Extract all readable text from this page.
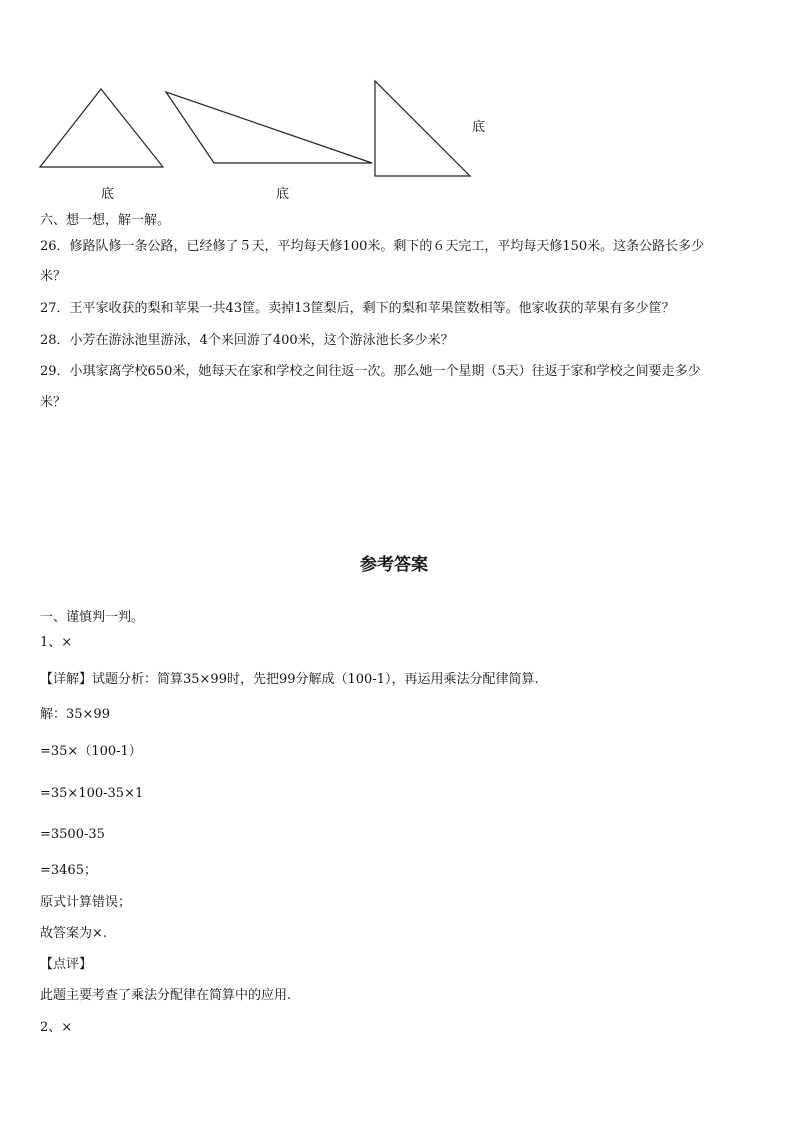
底	底
底
六、想一想，解一解。
26．修路队修一条公路，已经修了５天，平均每天修100米。剩下的６天完工，平均每天修150米。这条公路长多少
米？
27．王平家收获的梨和苹果一共43筐。卖掉13筐梨后，剩下的梨和苹果筐数相等。他家收获的苹果有多少筐？
28．小芳在游泳池里游泳，4个来回游了400米，这个游泳池长多少米？
29．小琪家离学校650米，她每天在家和学校之间往返一次。那么她一个星期（5天）往返于家和学校之间要走多少
米？
参考答案
一、谨慎判一判。
1、×
【详解】试题分析：简算35×99时，先把99分解成（100-1），再运用乘法分配律简算.
解：35×99
=35×（100-1）
=35×100-35×1
=3500-35
=3465；
原式计算错误；
故答案为×.
【点评】
此题主要考查了乘法分配律在简算中的应用.
2、×
